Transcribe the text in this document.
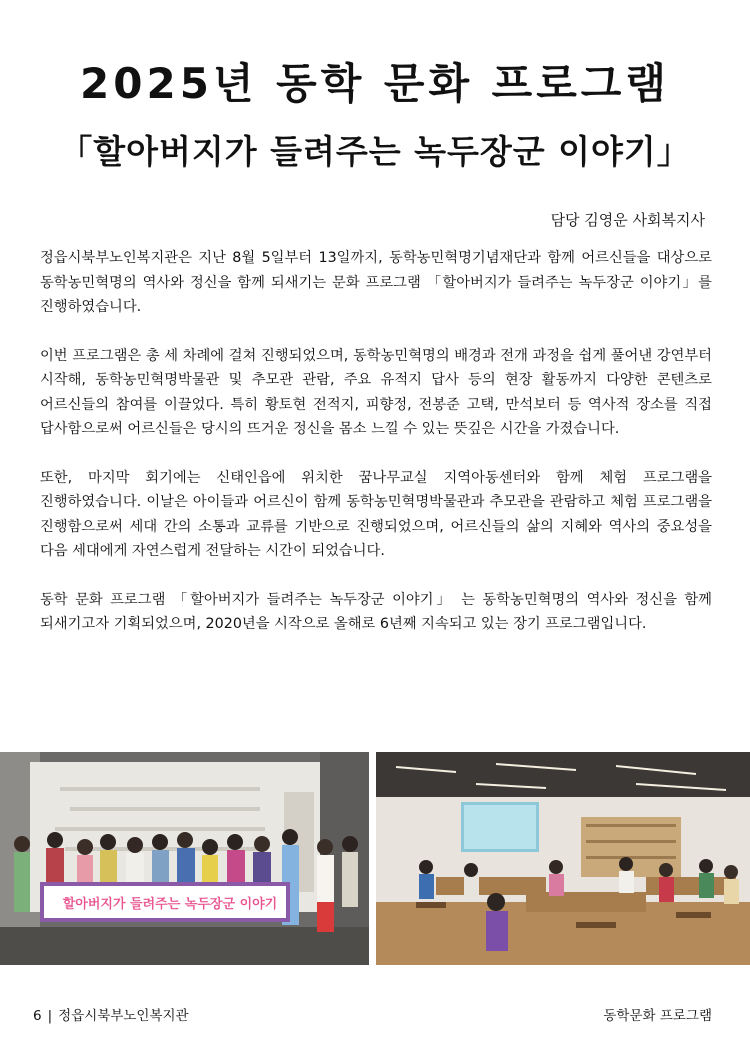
2025년 동학 문화 프로그램
「할아버지가 들려주는 녹두장군 이야기」
담당 김영운 사회복지사

정읍시북부노인복지관은 지난 8월 5일부터 13일까지, 동학농민혁명기념재단과 함께 어르신들을 대상으로 동학농민혁명의 역사와 정신을 함께 되새기는 문화 프로그램 「할아버지가 들려주는 녹두장군 이야기」를 진행하였습니다.

이번 프로그램은 총 세 차례에 걸쳐 진행되었으며, 동학농민혁명의 배경과 전개 과정을 쉽게 풀어낸 강연부터 시작해, 동학농민혁명박물관 및 추모관 관람, 주요 유적지 답사 등의 현장 활동까지 다양한 콘텐츠로 어르신들의 참여를 이끌었다. 특히 황토현 전적지, 피향정, 전봉준 고택, 만석보터 등 역사적 장소를 직접 답사함으로써 어르신들은 당시의 뜨거운 정신을 몸소 느낄 수 있는 뜻깊은 시간을 가졌습니다.

또한, 마지막 회기에는 신태인읍에 위치한 꿈나무교실 지역아동센터와 함께 체험 프로그램을 진행하였습니다. 이날은 아이들과 어르신이 함께 동학농민혁명박물관과 추모관을 관람하고 체험 프로그램을 진행함으로써 세대 간의 소통과 교류를 기반으로 진행되었으며, 어르신들의 삶의 지혜와 역사의 중요성을 다음 세대에게 자연스럽게 전달하는 시간이 되었습니다.

동학 문화 프로그램 「할아버지가 들려주는 녹두장군 이야기」 는 동학농민혁명의 역사와 정신을 함께 되새기고자 기획되었으며, 2020년을 시작으로 올해로 6년째 지속되고 있는 장기 프로그램입니다.

할아버지가 들려주는 녹두장군 이야기
6 | 정읍시북부노인복지관	동학문화 프로그램
